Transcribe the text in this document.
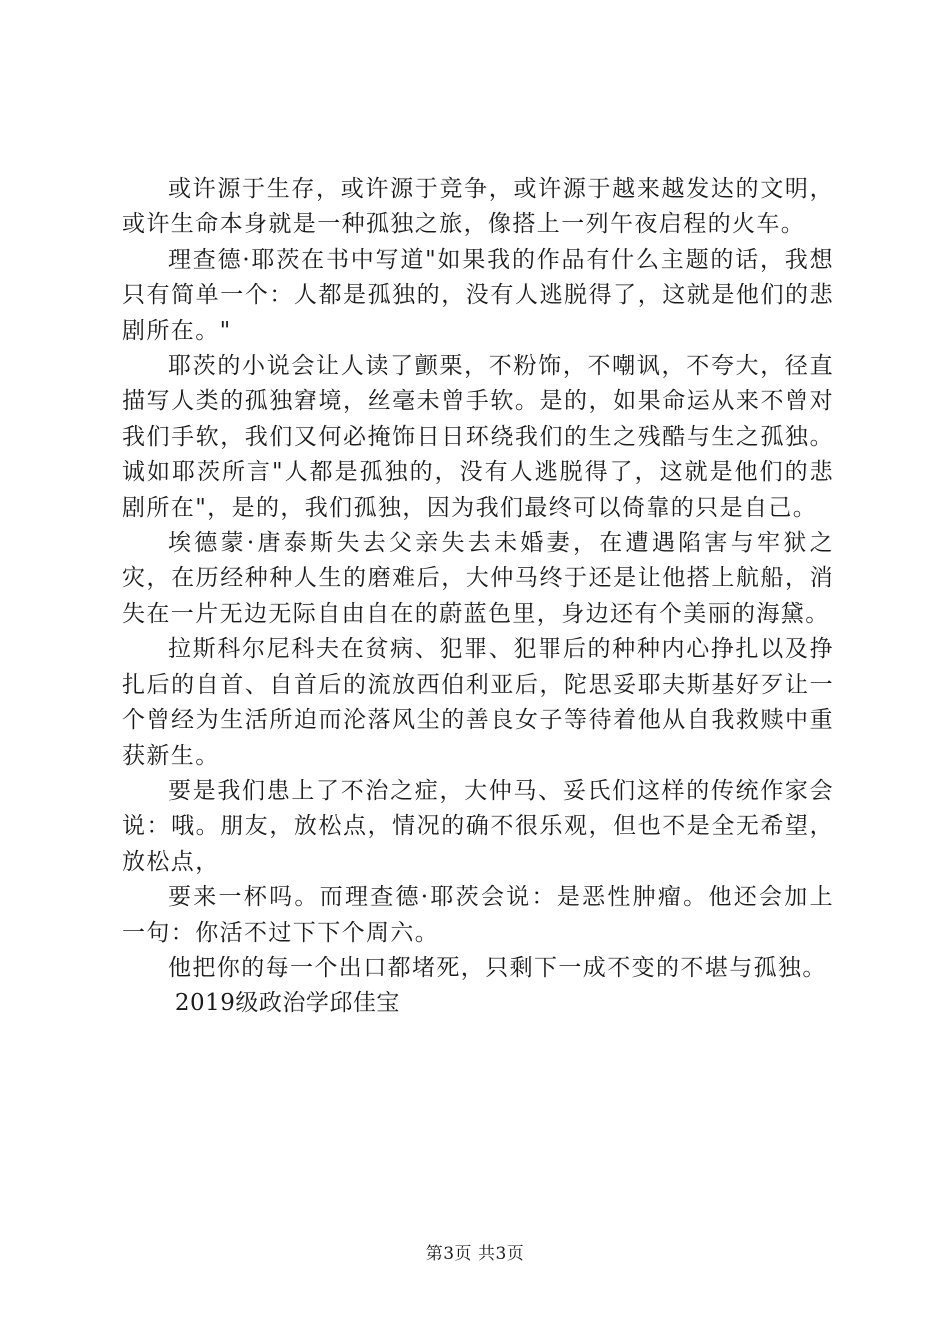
或许源于生存，或许源于竞争，或许源于越来越发达的文明，或许生命本身就是一种孤独之旅，像搭上一列午夜启程的火车。

理查德·耶茨在书中写道"如果我的作品有什么主题的话，我想只有简单一个：人都是孤独的，没有人逃脱得了，这就是他们的悲剧所在。"

耶茨的小说会让人读了颤栗，不粉饰，不嘲讽，不夸大，径直描写人类的孤独窘境，丝毫未曾手软。是的，如果命运从来不曾对我们手软，我们又何必掩饰日日环绕我们的生之残酷与生之孤独。诚如耶茨所言"人都是孤独的，没有人逃脱得了，这就是他们的悲剧所在"，是的，我们孤独，因为我们最终可以倚靠的只是自己。

埃德蒙·唐泰斯失去父亲失去未婚妻，在遭遇陷害与牢狱之灾，在历经种种人生的磨难后，大仲马终于还是让他搭上航船，消失在一片无边无际自由自在的蔚蓝色里，身边还有个美丽的海黛。

拉斯科尔尼科夫在贫病、犯罪、犯罪后的种种内心挣扎以及挣扎后的自首、自首后的流放西伯利亚后，陀思妥耶夫斯基好歹让一个曾经为生活所迫而沦落风尘的善良女子等待着他从自我救赎中重获新生。

要是我们患上了不治之症，大仲马、妥氏们这样的传统作家会说：哦。朋友，放松点，情况的确不很乐观，但也不是全无希望，放松点，

要来一杯吗。而理查德·耶茨会说：是恶性肿瘤。他还会加上一句：你活不过下下个周六。

他把你的每一个出口都堵死，只剩下一成不变的不堪与孤独。

2019级政治学邱佳宝

第3页 共3页
